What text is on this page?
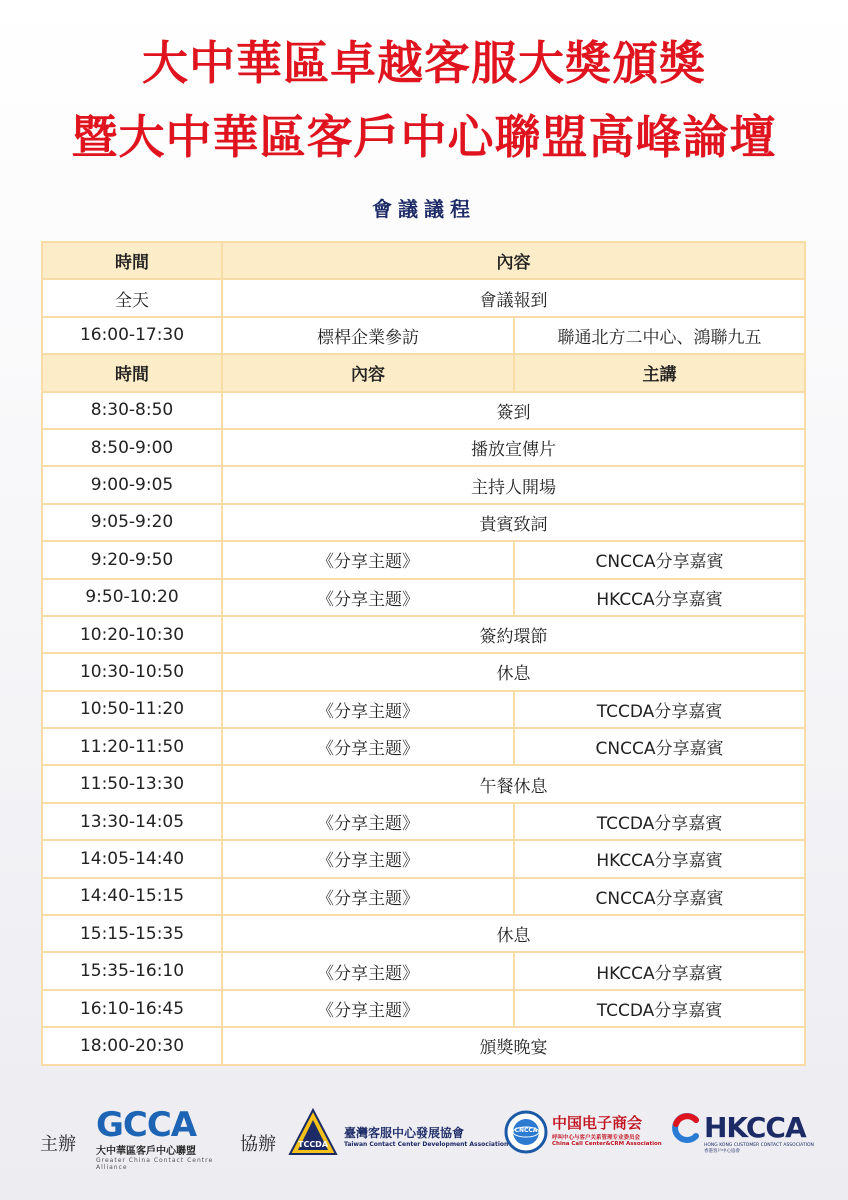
大中華區卓越客服大獎頒獎
暨大中華區客戶中心聯盟高峰論壇
會議議程
時間	內容	
全天	會議報到	
16:00-17:30	標桿企業參訪	聯通北方二中心、鴻聯九五
時間	內容	主講
8:30-8:50	簽到	
8:50-9:00	播放宣傳片	
9:00-9:05	主持人開場	
9:05-9:20	貴賓致詞	
9:20-9:50	《分享主题》	CNCCA分享嘉賓
9:50-10:20	《分享主题》	HKCCA分享嘉賓
10:20-10:30	簽約環節	
10:30-10:50	休息	
10:50-11:20	《分享主题》	TCCDA分享嘉賓
11:20-11:50	《分享主题》	CNCCA分享嘉賓
11:50-13:30	午餐休息	
13:30-14:05	《分享主题》	TCCDA分享嘉賓
14:05-14:40	《分享主题》	HKCCA分享嘉賓
14:40-15:15	《分享主题》	CNCCA分享嘉賓
15:15-15:35	休息	
15:35-16:10	《分享主题》	HKCCA分享嘉賓
16:10-16:45	《分享主题》	TCCDA分享嘉賓
18:00-20:30	頒獎晚宴	
主辦 GCCA
大中華區客戶中心聯盟
Greater China Contact Centre Alliance
協辦	TCCDA
臺灣客服中心發展協會
Taiwan Contact Center Development Association
CNCCA 中国电子商会
呼叫中心与客户关系管理专业委员会
China Call Center&CRM Association HKCCA
HONG KONG CUSTOMER CONTACT ASSOCIATION
香港客戶中心協會
